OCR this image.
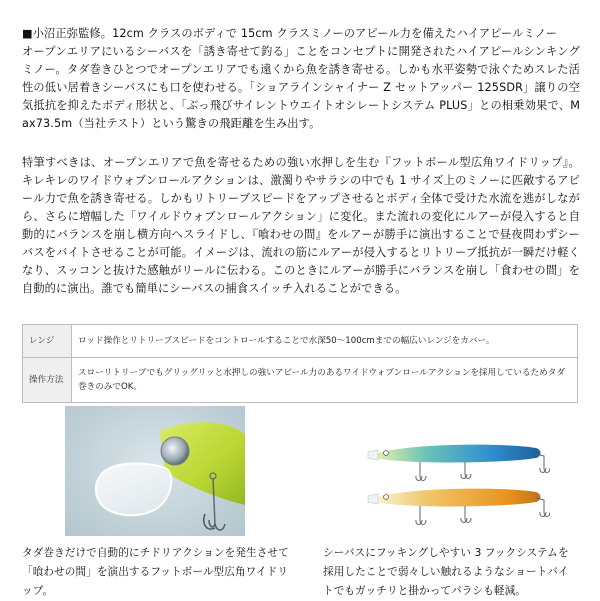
■小沼正弥監修。12cm クラスのボディで 15cm クラスミノーのアピール力を備えたハイアピールミノー
オープンエリアにいるシーバスを「誘き寄せて釣る」ことをコンセプトに開発されたハイアピールシンキングミノー。タダ巻きひとつでオープンエリアでも遠くから魚を誘き寄せる。しかも水平姿勢で泳ぐためスレた活性の低い居着きシーバスにも口を使わせる。「ショアラインシャイナー Z セットアッパー 125SDR」譲りの空気抵抗を抑えたボディ形状と、「ぶっ飛びサイレントウエイトオシレートシステム PLUS」との相乗効果で、Max73.5m（当社テスト）という驚きの飛距離を生み出す。
特筆すべきは、オープンエリアで魚を寄せるための強い水押しを生む『フットボール型広角ワイドリップ』。キレキレのワイドウォブンロールアクションは、激濁りやサラシの中でも 1 サイズ上のミノーに匹敵するアピール力で魚を誘き寄せる。しかもリトリーブスピードをアップさせるとボディ全体で受けた水流を逃がしながら、さらに増幅した「ワイルドウォブンロールアクション」に変化。また流れの変化にルアーが侵入すると自動的にバランスを崩し横方向へスライドし、『喰わせの間』をルアーが勝手に演出することで昼夜問わずシーバスをバイトさせることが可能。イメージは、流れの筋にルアーが侵入するとリトリーブ抵抗が一瞬だけ軽くなり、スッコンと抜けた感触がリールに伝わる。このときにルアーが勝手にバランスを崩し「食わせの間」を自動的に演出。誰でも簡単にシーバスの捕食スイッチ入れることができる。
レンジ	ロッド操作とリトリーブスピードをコントロールすることで水深50〜100cmまでの幅広いレンジをカバー。
操作方法	スローリトリーブでもグリッグリッと水押しの強いアピール力のあるワイドウォブンロールアクションを採用しているためタダ巻きのみでOK。
タダ巻きだけで自動的にチドリアクションを発生させて「喰わせの間」を演出するフットボール型広角ワイドリップ。
シーバスにフッキングしやすい 3 フックシステムを採用したことで弱々しい触れるようなショートバイトでもガッチリと掛かってバラシも軽減。
